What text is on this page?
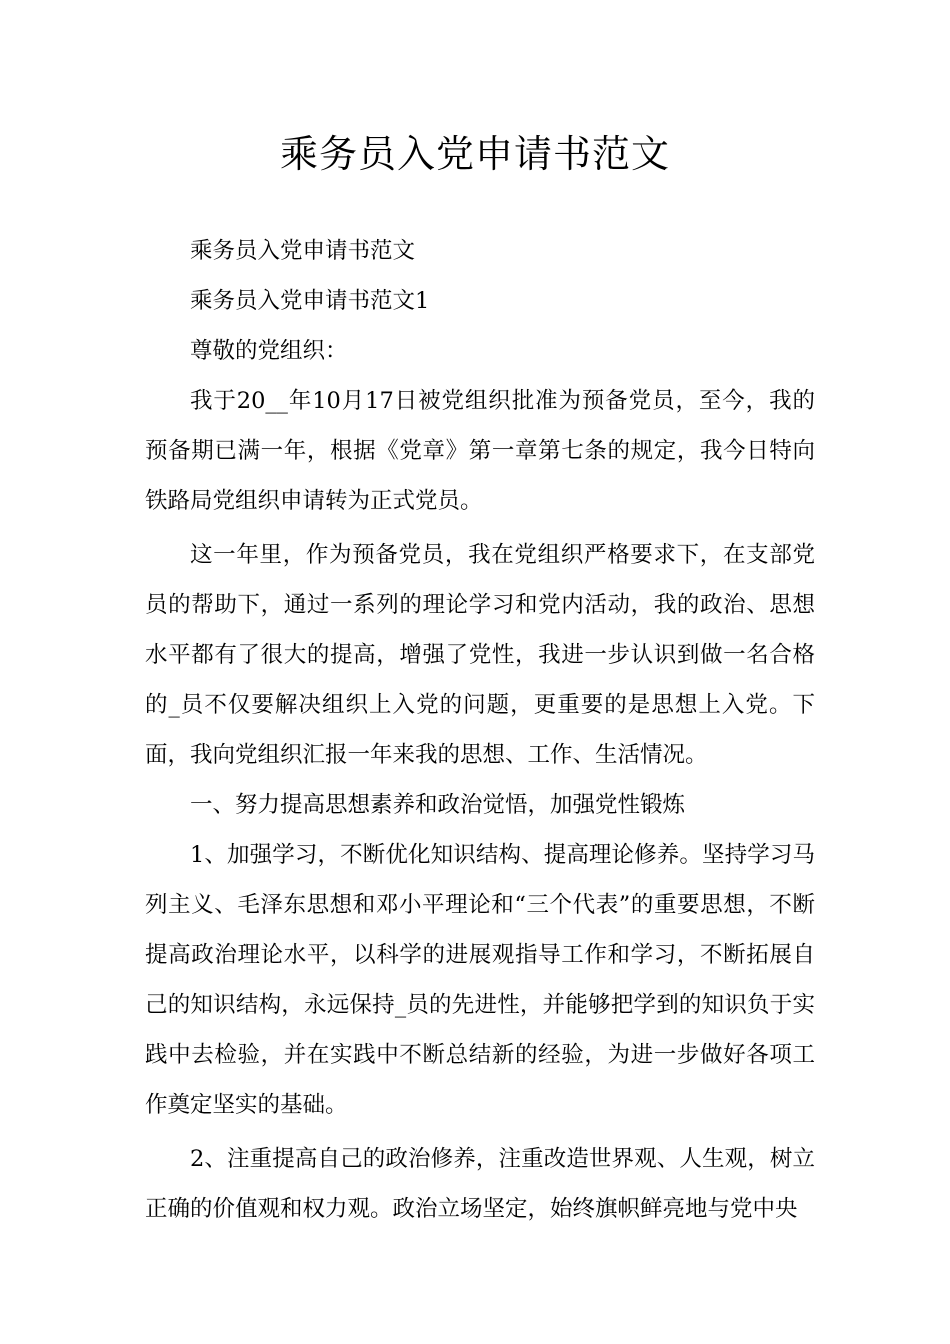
乘务员入党申请书范文

乘务员入党申请书范文

乘务员入党申请书范文1

尊敬的党组织：

我于20__年10月17日被党组织批准为预备党员，至今，我的预备期已满一年，根据《党章》第一章第七条的规定，我今日特向铁路局党组织申请转为正式党员。

这一年里，作为预备党员，我在党组织严格要求下，在支部党员的帮助下，通过一系列的理论学习和党内活动，我的政治、思想水平都有了很大的提高，增强了党性，我进一步认识到做一名合格的_员不仅要解决组织上入党的问题，更重要的是思想上入党。下面，我向党组织汇报一年来我的思想、工作、生活情况。

一、努力提高思想素养和政治觉悟，加强党性锻炼

1、加强学习，不断优化知识结构、提高理论修养。坚持学习马列主义、毛泽东思想和邓小平理论和“三个代表”的重要思想，不断提高政治理论水平，以科学的进展观指导工作和学习，不断拓展自己的知识结构，永远保持_员的先进性，并能够把学到的知识负于实践中去检验，并在实践中不断总结新的经验，为进一步做好各项工作奠定坚实的基础。

2、注重提高自己的政治修养，注重改造世界观、人生观，树立正确的价值观和权力观。政治立场坚定，始终旗帜鲜亮地与党中央
